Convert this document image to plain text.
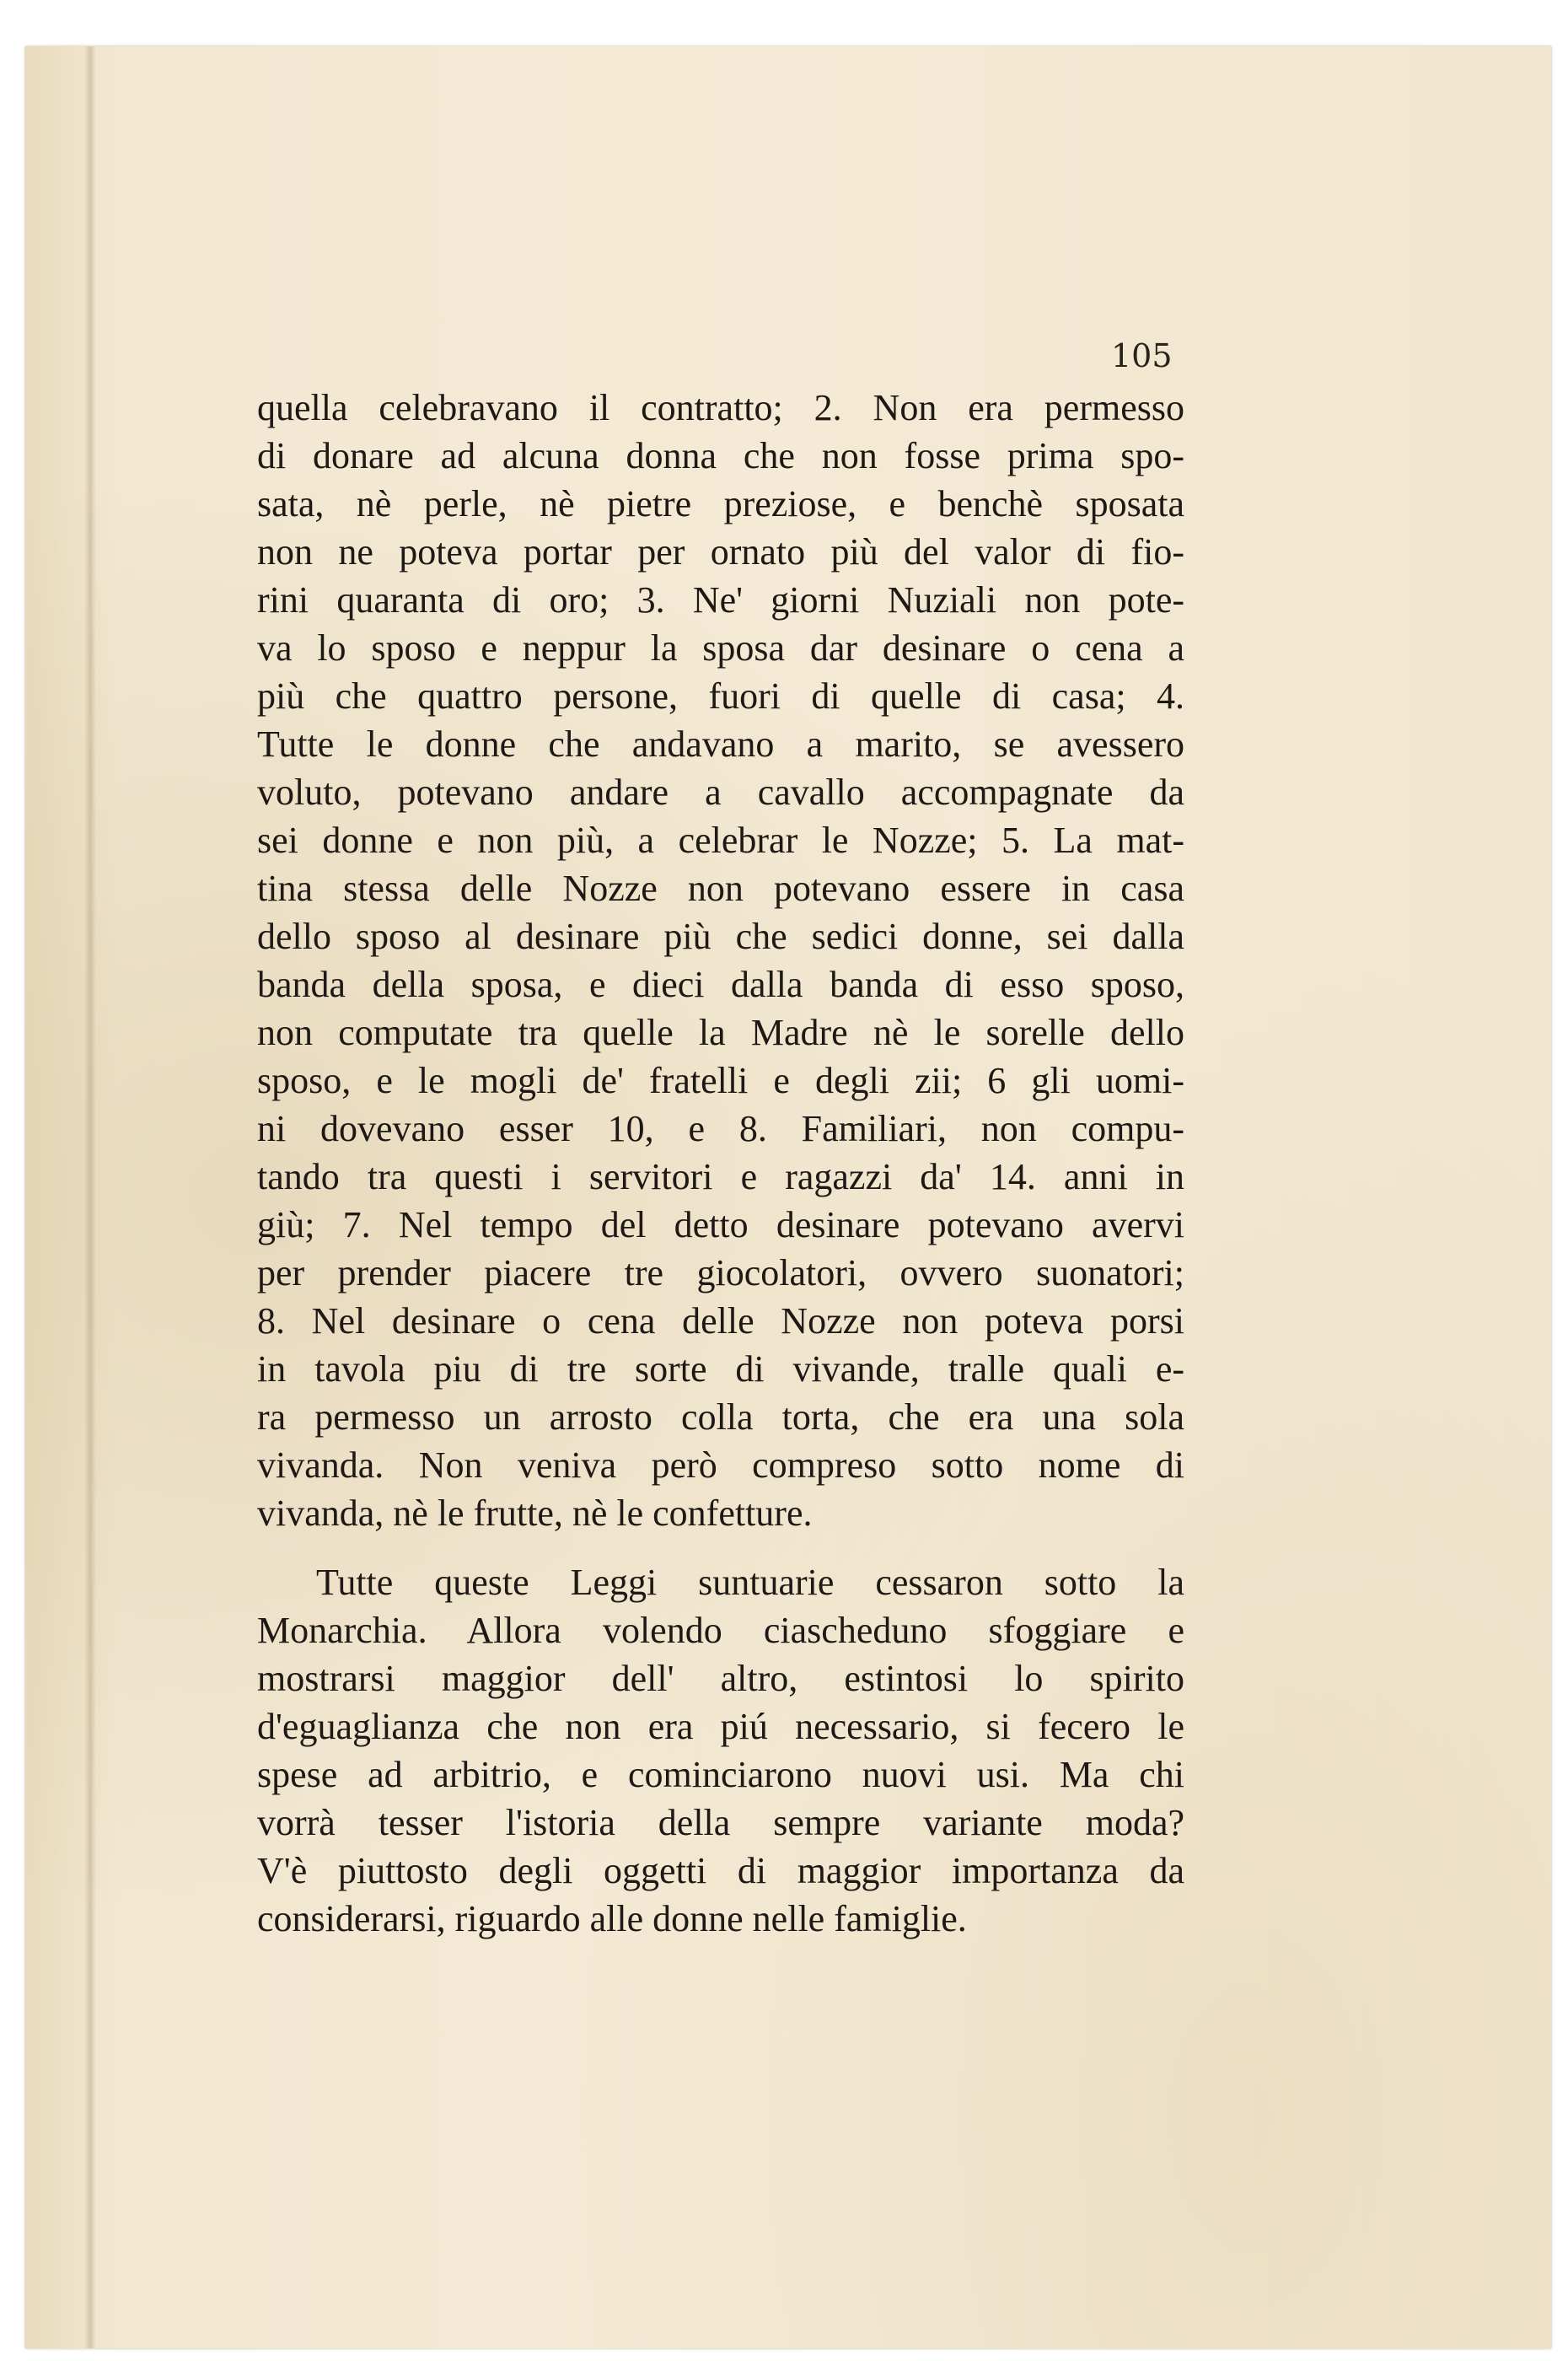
105
quella celebravano il contratto; 2. Non era permesso
di donare ad alcuna donna che non fosse prima spo-
sata, nè perle, nè pietre preziose, e benchè sposata
non ne poteva portar per ornato più del valor di fio-
rini quaranta di oro; 3. Ne' giorni Nuziali non pote-
va lo sposo e neppur la sposa dar desinare o cena a
più che quattro persone, fuori di quelle di casa; 4.
Tutte le donne che andavano a marito, se avessero
voluto, potevano andare a cavallo accompagnate da
sei donne e non più, a celebrar le Nozze; 5. La mat-
tina stessa delle Nozze non potevano essere in casa
dello sposo al desinare più che sedici donne, sei dalla
banda della sposa, e dieci dalla banda di esso sposo,
non computate tra quelle la Madre nè le sorelle dello
sposo, e le mogli de' fratelli e degli zii; 6 gli uomi-
ni dovevano esser 10, e 8. Familiari, non compu-
tando tra questi i servitori e ragazzi da' 14. anni in
giù; 7. Nel tempo del detto desinare potevano avervi
per prender piacere tre giocolatori, ovvero suonatori;
8. Nel desinare o cena delle Nozze non poteva porsi
in tavola piu di tre sorte di vivande, tralle quali e-
ra permesso un arrosto colla torta, che era una sola
vivanda. Non veniva però compreso sotto nome di
vivanda, nè le frutte, nè le confetture.
Tutte queste Leggi suntuarie cessaron sotto la
Monarchia. Allora volendo ciascheduno sfoggiare e
mostrarsi maggior dell' altro, estintosi lo spirito
d'eguaglianza che non era piú necessario, si fecero le
spese ad arbitrio, e cominciarono nuovi usi. Ma chi
vorrà tesser l'istoria della sempre variante moda?
V'è piuttosto degli oggetti di maggior importanza da
considerarsi, riguardo alle donne nelle famiglie.
